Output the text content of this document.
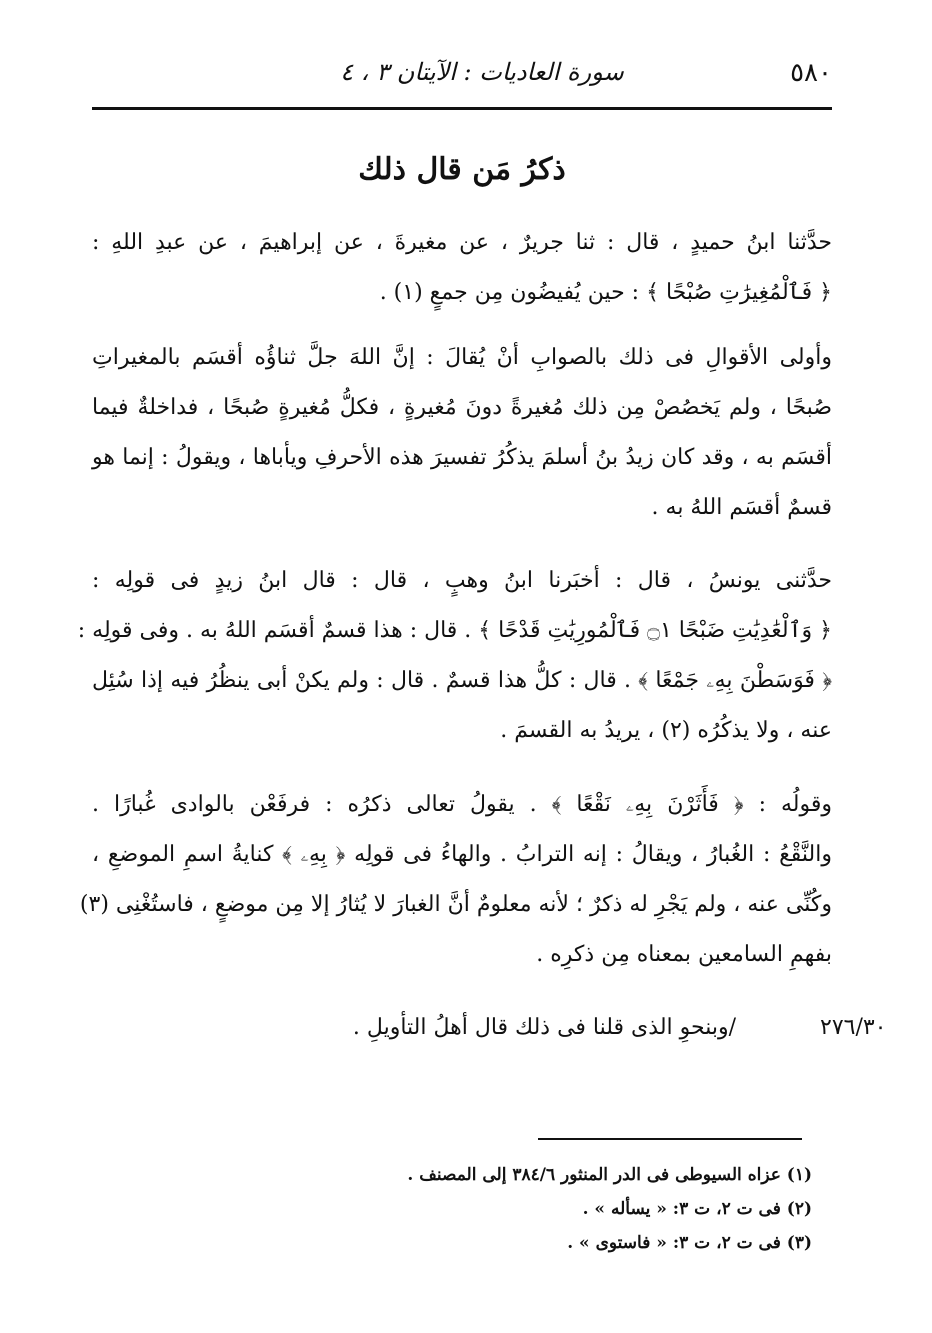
٥٨٠
سورة العاديات : الآيتان ٣ ، ٤
ذكرُ مَن قال ذلك
حدَّثنا ابنُ حميدٍ ، قال : ثنا جريرٌ ، عن مغيرةَ ، عن إبراهيمَ ، عن عبدِ اللهِ :
﴿ فَٱلْمُغِيرَٰتِ صُبْحًا ﴾ : حين يُفيضُون مِن جمعٍ (١) .
وأولى الأقوالِ فى ذلك بالصوابِ أنْ يُقالَ : إنَّ اللهَ جلَّ ثناؤُه أقسَم بالمغيراتِ
صُبحًا ، ولم يَخصُصْ مِن ذلك مُغيرةً دونَ مُغيرةٍ ، فكلُّ مُغيرةٍ صُبحًا ، فداخلةٌ فيما
أقسَم به ، وقد كان زيدُ بنُ أسلمَ يذكُرُ تفسيرَ هذه الأحرفِ ويأباها ، ويقولُ : إنما هو
قسمٌ أقسَم اللهُ به .
حدَّثنى يونسُ ، قال : أخبَرنا ابنُ وهبٍ ، قال : قال ابنُ زيدٍ فى قولِه :
﴿ وَٱلْعَٰدِيَٰتِ ضَبْحًا ۝١ فَٱلْمُورِيَٰتِ قَدْحًا ﴾ . قال : هذا قسمٌ أقسَم اللهُ به . وفى قولِه :
﴿ فَوَسَطْنَ بِهِۦ جَمْعًا ﴾ . قال : كلُّ هذا قسمٌ . قال : ولم يكنْ أبى ينظُرُ فيه إذا سُئِل
عنه ، ولا يذكُرُه (٢) ، يريدُ به القسمَ .
وقولُه : ﴿ فَأَثَرْنَ بِهِۦ نَقْعًا ﴾ . يقولُ تعالى ذكرُه : فرفَعْن بالوادى غُبارًا .
والنَّقْعُ : الغُبارُ ، ويقالُ : إنه الترابُ . والهاءُ فى قولِه ﴿ بِهِۦ ﴾ كنايةُ اسمِ الموضعِ ،
وكُنِّى عنه ، ولم يَجْرِ له ذكرٌ ؛ لأنه معلومٌ أنَّ الغبارَ لا يُثارُ إلا مِن موضعٍ ، فاستُغْنِى (٣)
بفهمِ السامعين بمعناه مِن ذكرِه .
/وبنحوِ الذى قلنا فى ذلك قال أهلُ التأويلِ .	٢٧٦/٣٠
(١) عزاه السيوطى فى الدر المنثور ٣٨٤/٦ إلى المصنف .
(٢) فى ت ٢، ت ٣: « يسأله » .
(٣) فى ت ٢، ت ٣: « فاستوى » .
